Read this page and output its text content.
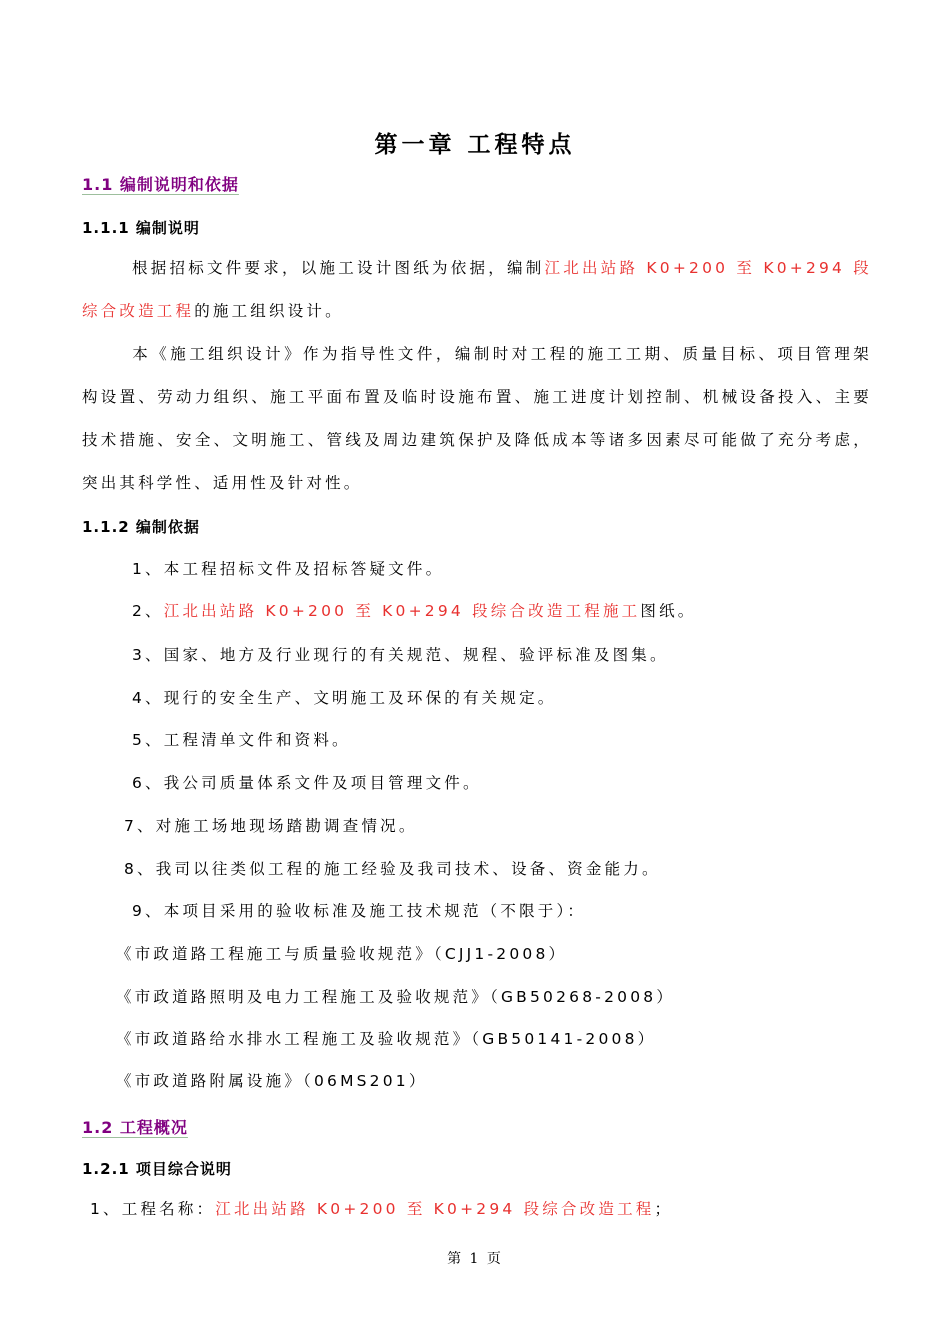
第一章 工程特点
1.1 编制说明和依据
1.1.1 编制说明
根据招标文件要求，以施工设计图纸为依据，编制江北出站路 K0+200 至 K0+294 段综合改造工程的施工组织设计。
本《施工组织设计》作为指导性文件，编制时对工程的施工工期、质量目标、项目管理架构设置、劳动力组织、施工平面布置及临时设施布置、施工进度计划控制、机械设备投入、主要技术措施、安全、文明施工、管线及周边建筑保护及降低成本等诸多因素尽可能做了充分考虑，突出其科学性、适用性及针对性。
1.1.2 编制依据
1、本工程招标文件及招标答疑文件。
2、江北出站路 K0+200 至 K0+294 段综合改造工程施工图纸。
3、国家、地方及行业现行的有关规范、规程、验评标准及图集。
4、现行的安全生产、文明施工及环保的有关规定。
5、工程清单文件和资料。
6、我公司质量体系文件及项目管理文件。
7、对施工场地现场踏勘调查情况。
8、我司以往类似工程的施工经验及我司技术、设备、资金能力。
9、本项目采用的验收标准及施工技术规范（不限于）：
《市政道路工程施工与质量验收规范》（CJJ1-2008）
《市政道路照明及电力工程施工及验收规范》（GB50268-2008）
《市政道路给水排水工程施工及验收规范》（GB50141-2008）
《市政道路附属设施》（06MS201）
1.2 工程概况
1.2.1 项目综合说明
1、工程名称：江北出站路 K0+200 至 K0+294 段综合改造工程；
第 1 页
